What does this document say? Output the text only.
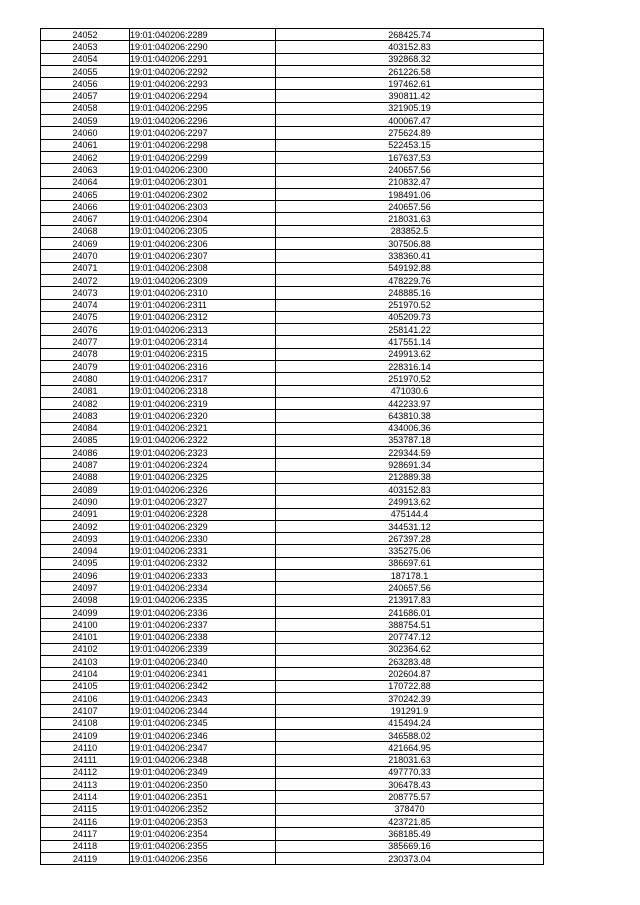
24052	19:01:040206:2289	268425.74
24053	19:01:040206:2290	403152.83
24054	19:01:040206:2291	392868.32
24055	19:01:040206:2292	261226.58
24056	19:01:040206:2293	197462.61
24057	19:01:040206:2294	390811.42
24058	19:01:040206:2295	321905.19
24059	19:01:040206:2296	400067.47
24060	19:01:040206:2297	275624.89
24061	19:01:040206:2298	522453.15
24062	19:01:040206:2299	167637.53
24063	19:01:040206:2300	240657.56
24064	19:01:040206:2301	210832.47
24065	19:01:040206:2302	198491.06
24066	19:01:040206:2303	240657.56
24067	19:01:040206:2304	218031.63
24068	19:01:040206:2305	283852.5
24069	19:01:040206:2306	307506.88
24070	19:01:040206:2307	338360.41
24071	19:01:040206:2308	549192.88
24072	19:01:040206:2309	478229.76
24073	19:01:040206:2310	248885.16
24074	19:01:040206:2311	251970.52
24075	19:01:040206:2312	405209.73
24076	19:01:040206:2313	258141.22
24077	19:01:040206:2314	417551.14
24078	19:01:040206:2315	249913.62
24079	19:01:040206:2316	228316.14
24080	19:01:040206:2317	251970.52
24081	19:01:040206:2318	471030.6
24082	19:01:040206:2319	442233.97
24083	19:01:040206:2320	643810.38
24084	19:01:040206:2321	434006.36
24085	19:01:040206:2322	353787.18
24086	19:01:040206:2323	229344.59
24087	19:01:040206:2324	928691.34
24088	19:01:040206:2325	212889.38
24089	19:01:040206:2326	403152.83
24090	19:01:040206:2327	249913.62
24091	19:01:040206:2328	475144.4
24092	19:01:040206:2329	344531.12
24093	19:01:040206:2330	267397.28
24094	19:01:040206:2331	335275.06
24095	19:01:040206:2332	386697.61
24096	19:01:040206:2333	187178.1
24097	19:01:040206:2334	240657.56
24098	19:01:040206:2335	213917.83
24099	19:01:040206:2336	241686.01
24100	19:01:040206:2337	388754.51
24101	19:01:040206:2338	207747.12
24102	19:01:040206:2339	302364.62
24103	19:01:040206:2340	263283.48
24104	19:01:040206:2341	202604.87
24105	19:01:040206:2342	170722.88
24106	19:01:040206:2343	370242.39
24107	19:01:040206:2344	191291.9
24108	19:01:040206:2345	415494.24
24109	19:01:040206:2346	346588.02
24110	19:01:040206:2347	421664.95
24111	19:01:040206:2348	218031.63
24112	19:01:040206:2349	497770.33
24113	19:01:040206:2350	306478.43
24114	19:01:040206:2351	208775.57
24115	19:01:040206:2352	378470
24116	19:01:040206:2353	423721.85
24117	19:01:040206:2354	368185.49
24118	19:01:040206:2355	385669.16
24119	19:01:040206:2356	230373.04
